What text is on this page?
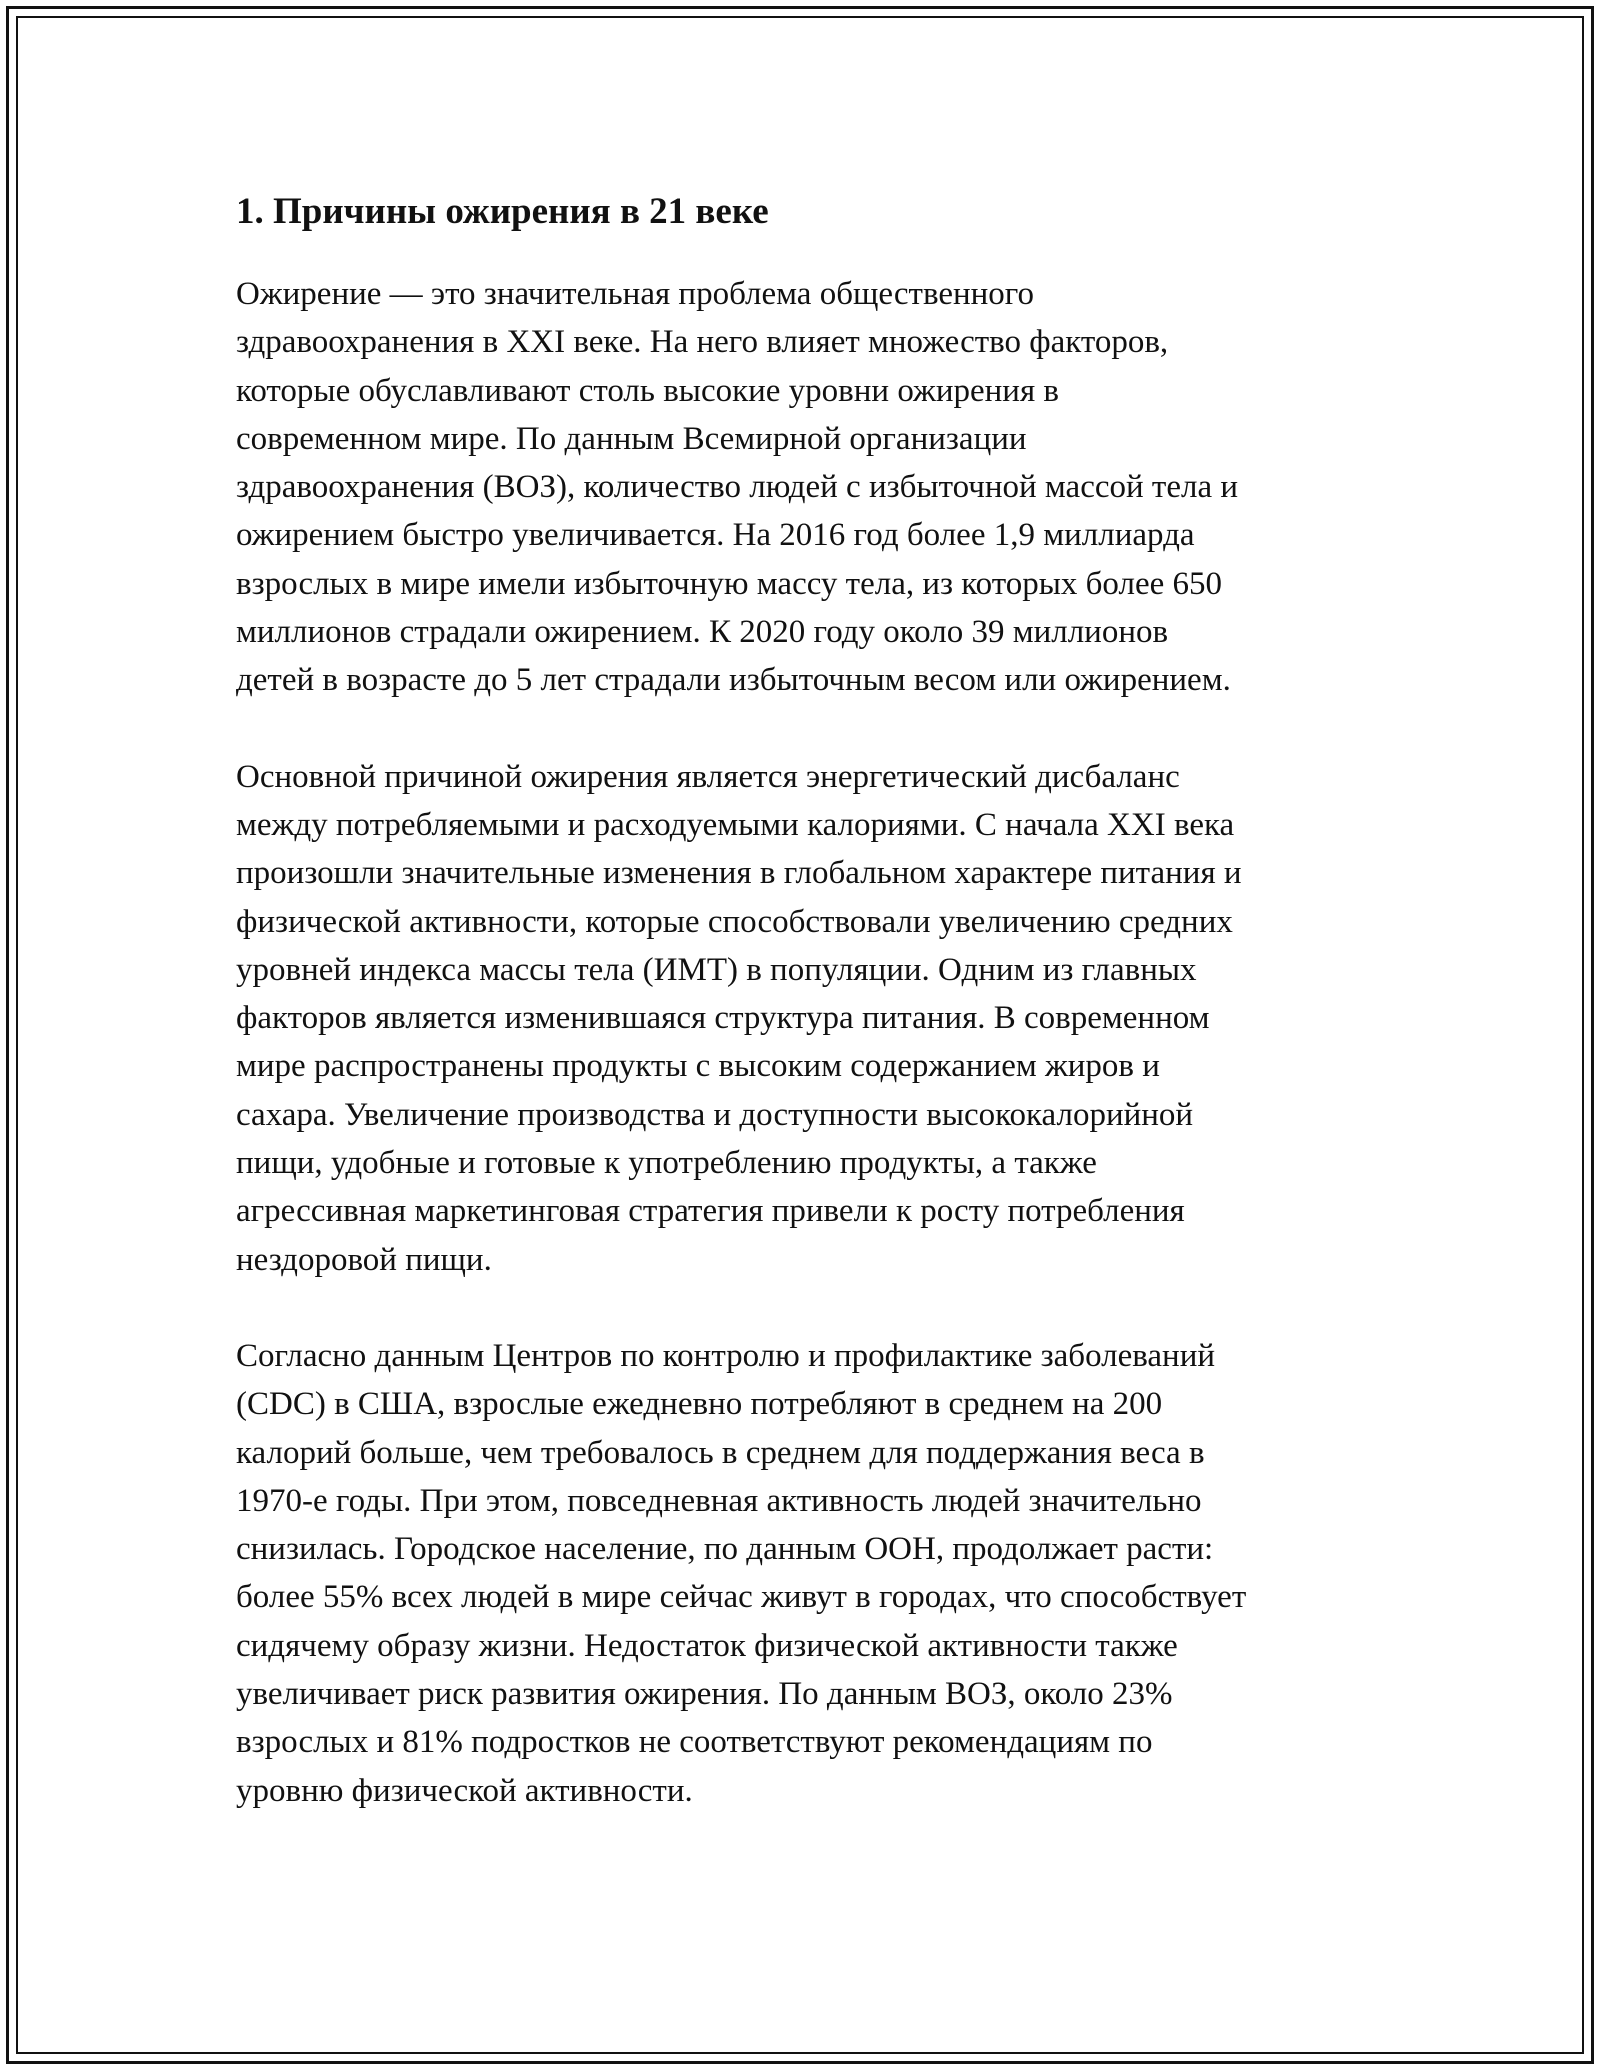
1. Причины ожирения в 21 веке

Ожирение — это значительная проблема общественного
здравоохранения в XXI веке. На него влияет множество факторов,
которые обуславливают столь высокие уровни ожирения в
современном мире. По данным Всемирной организации
здравоохранения (ВОЗ), количество людей с избыточной массой тела и
ожирением быстро увеличивается. На 2016 год более 1,9 миллиарда
взрослых в мире имели избыточную массу тела, из которых более 650
миллионов страдали ожирением. К 2020 году около 39 миллионов
детей в возрасте до 5 лет страдали избыточным весом или ожирением.

Основной причиной ожирения является энергетический дисбаланс
между потребляемыми и расходуемыми калориями. С начала XXI века
произошли значительные изменения в глобальном характере питания и
физической активности, которые способствовали увеличению средних
уровней индекса массы тела (ИМТ) в популяции. Одним из главных
факторов является изменившаяся структура питания. В современном
мире распространены продукты с высоким содержанием жиров и
сахара. Увеличение производства и доступности высококалорийной
пищи, удобные и готовые к употреблению продукты, а также
агрессивная маркетинговая стратегия привели к росту потребления
нездоровой пищи.

Согласно данным Центров по контролю и профилактике заболеваний
(CDC) в США, взрослые ежедневно потребляют в среднем на 200
калорий больше, чем требовалось в среднем для поддержания веса в
1970-е годы. При этом, повседневная активность людей значительно
снизилась. Городское население, по данным ООН, продолжает расти:
более 55% всех людей в мире сейчас живут в городах, что способствует
сидячему образу жизни. Недостаток физической активности также
увеличивает риск развития ожирения. По данным ВОЗ, около 23%
взрослых и 81% подростков не соответствуют рекомендациям по
уровню физической активности.
